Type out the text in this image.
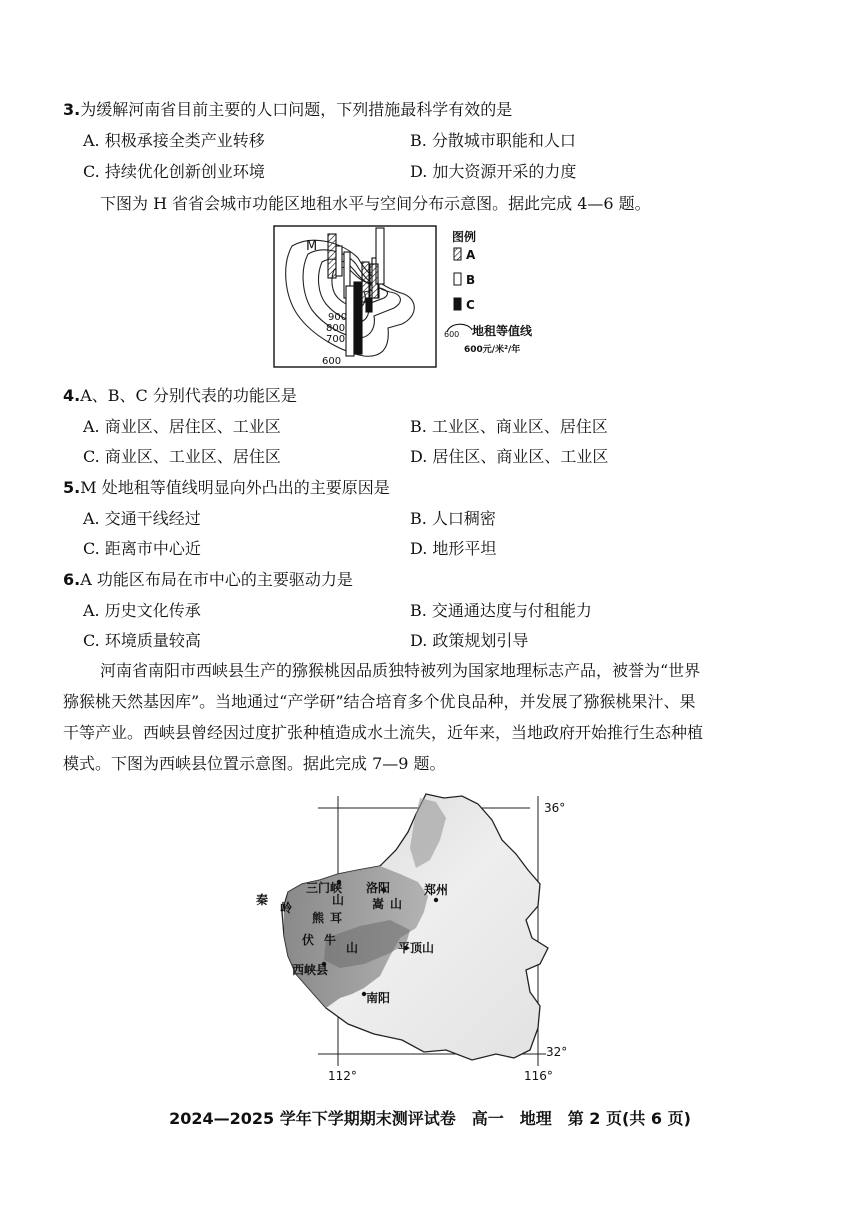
3.为缓解河南省目前主要的人口问题，下列措施最科学有效的是
A. 积极承接全类产业转移	B. 分散城市职能和人口
C. 持续优化创新创业环境	D. 加大资源开采的力度
下图为 H 省省会城市功能区地租水平与空间分布示意图。据此完成 4—6 题。
M
900
800
700
600
图例
A
B
C
600 地租等值线
600元/米²/年
4.A、B、C 分别代表的功能区是
A. 商业区、居住区、工业区	B. 工业区、商业区、居住区
C. 商业区、工业区、居住区	D. 居住区、商业区、工业区
5.M 处地租等值线明显向外凸出的主要原因是
A. 交通干线经过	B. 人口稠密
C. 距离市中心近	D. 地形平坦
6.A 功能区布局在市中心的主要驱动力是
A. 历史文化传承	B. 交通通达度与付租能力
C. 环境质量较高	D. 政策规划引导
河南省南阳市西峡县生产的猕猴桃因品质独特被列为国家地理标志产品，被誉为“世界
猕猴桃天然基因库”。当地通过“产学研”结合培育多个优良品种，并发展了猕猴桃果汁、果
干等产业。西峡县曾经因过度扩张种植造成水土流失，近年来，当地政府开始推行生态种植
模式。下图为西峡县位置示意图。据此完成 7—9 题。
秦
岭
三门峡
山
洛阳	郑州
嵩 山
熊 耳
伏 牛
山	平顶山
西峡县
南阳
36°
32°
112°	116°
2024—2025 学年下学期期末测评试卷　高一　地理　第 2 页(共 6 页)
